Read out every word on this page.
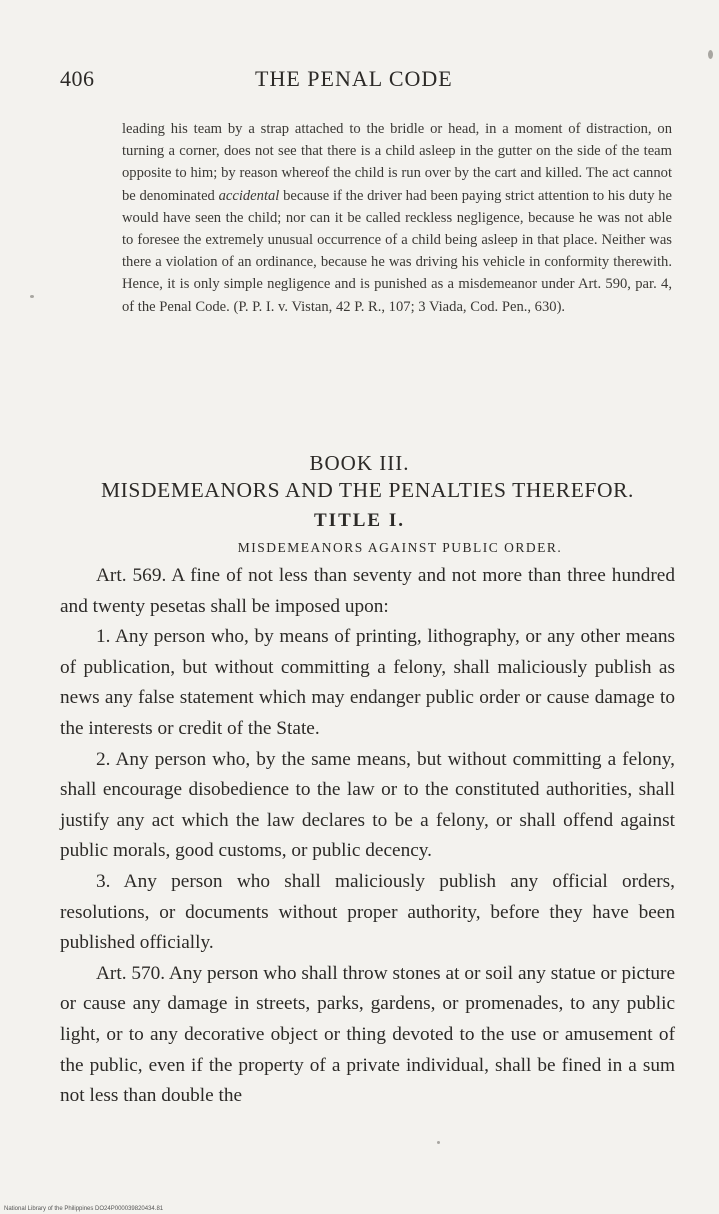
406	THE PENAL CODE

leading his team by a strap attached to the bridle or head, in a moment of distraction, on turning a corner, does not see that there is a child asleep in the gutter on the side of the team opposite to him; by reason whereof the child is run over by the cart and killed. The act cannot be denominated accidental because if the driver had been paying strict attention to his duty he would have seen the child; nor can it be called reckless negligence, because he was not able to foresee the extremely unusual occurrence of a child being asleep in that place. Neither was there a violation of an ordinance, because he was driving his vehicle in conformity therewith. Hence, it is only simple negligence and is punished as a misdemeanor under Art. 590, par. 4, of the Penal Code. (P. P. I. v. Vistan, 42 P. R., 107; 3 Viada, Cod. Pen., 630).

BOOK III.
MISDEMEANORS AND THE PENALTIES THEREFOR.
TITLE I.
MISDEMEANORS AGAINST PUBLIC ORDER.

Art. 569. A fine of not less than seventy and not more than three hundred and twenty pesetas shall be imposed upon:

1. Any person who, by means of printing, lithography, or any other means of publication, but without committing a felony, shall maliciously publish as news any false statement which may endanger public order or cause damage to the interests or credit of the State.

2. Any person who, by the same means, but without committing a felony, shall encourage disobedience to the law or to the constituted authorities, shall justify any act which the law declares to be a felony, or shall offend against public morals, good customs, or public decency.

3. Any person who shall maliciously publish any official orders, resolutions, or documents without proper authority, before they have been published officially.

Art. 570. Any person who shall throw stones at or soil any statue or picture or cause any damage in streets, parks, gardens, or promenades, to any public light, or to any decorative object or thing devoted to the use or amusement of the public, even if the property of a private individual, shall be fined in a sum not less than double the

National Library of the Philippines DO24P000039820434.81
